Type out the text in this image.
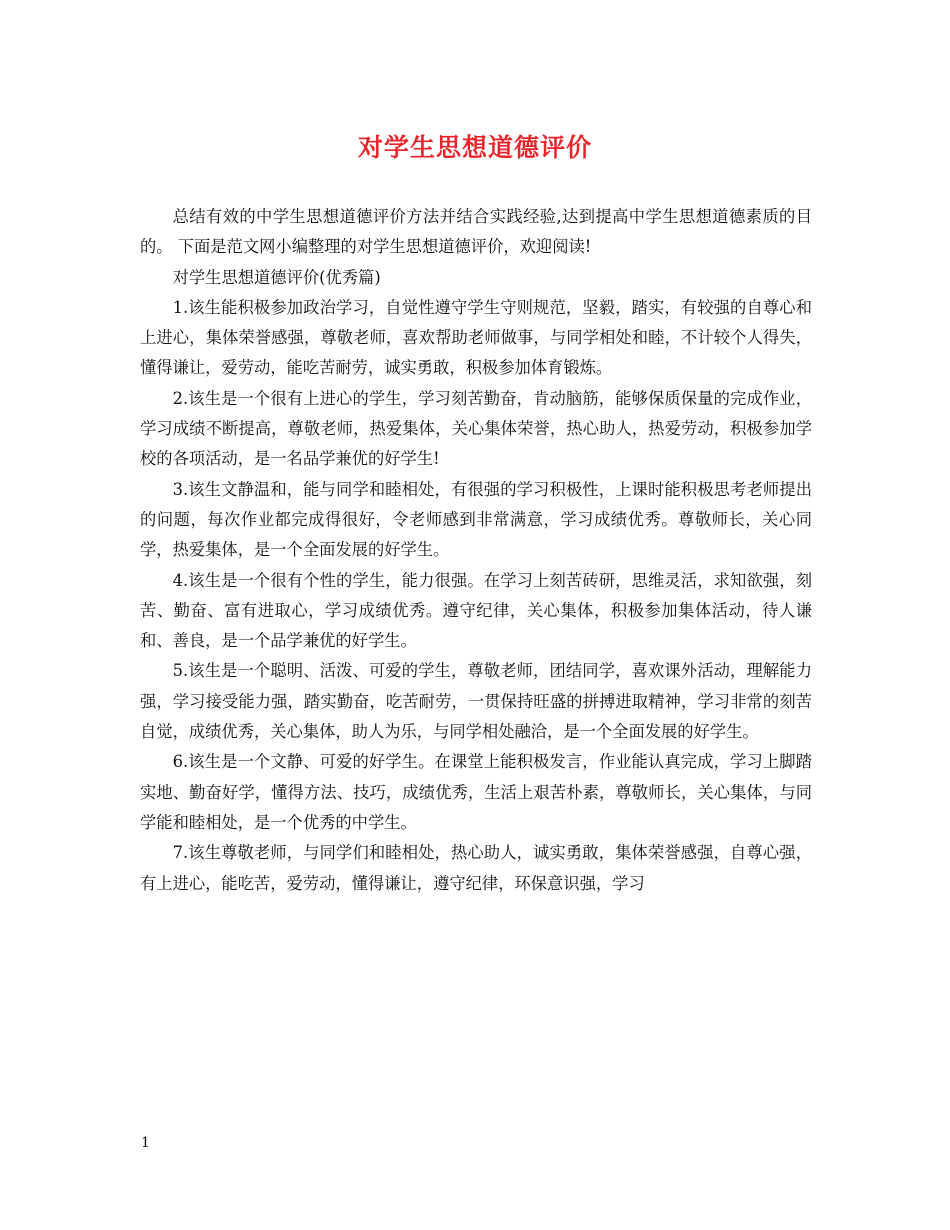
对学生思想道德评价

总结有效的中学生思想道德评价方法并结合实践经验,达到提高中学生思想道德素质的目的。 下面是范文网小编整理的对学生思想道德评价，欢迎阅读!

对学生思想道德评价(优秀篇)

1.该生能积极参加政治学习，自觉性遵守学生守则规范，坚毅，踏实，有较强的自尊心和上进心，集体荣誉感强，尊敬老师，喜欢帮助老师做事，与同学相处和睦，不计较个人得失，懂得谦让，爱劳动，能吃苦耐劳，诚实勇敢，积极参加体育锻炼。

2.该生是一个很有上进心的学生，学习刻苦勤奋，肯动脑筋，能够保质保量的完成作业，学习成绩不断提高，尊敬老师，热爱集体，关心集体荣誉，热心助人，热爱劳动，积极参加学校的各项活动，是一名品学兼优的好学生!

3.该生文静温和，能与同学和睦相处，有很强的学习积极性，上课时能积极思考老师提出的问题，每次作业都完成得很好，令老师感到非常满意，学习成绩优秀。尊敬师长，关心同学，热爱集体，是一个全面发展的好学生。

4.该生是一个很有个性的学生，能力很强。在学习上刻苦砖研，思维灵活，求知欲强，刻苦、勤奋、富有进取心，学习成绩优秀。遵守纪律，关心集体，积极参加集体活动，待人谦和、善良，是一个品学兼优的好学生。

5.该生是一个聪明、活泼、可爱的学生，尊敬老师，团结同学，喜欢课外活动，理解能力强，学习接受能力强，踏实勤奋，吃苦耐劳，一贯保持旺盛的拼搏进取精神，学习非常的刻苦自觉，成绩优秀，关心集体，助人为乐，与同学相处融洽，是一个全面发展的好学生。

6.该生是一个文静、可爱的好学生。在课堂上能积极发言，作业能认真完成，学习上脚踏实地、勤奋好学，懂得方法、技巧，成绩优秀，生活上艰苦朴素，尊敬师长，关心集体，与同学能和睦相处，是一个优秀的中学生。

7.该生尊敬老师，与同学们和睦相处，热心助人，诚实勇敢，集体荣誉感强，自尊心强，有上进心，能吃苦，爱劳动，懂得谦让，遵守纪律，环保意识强，学习

1
